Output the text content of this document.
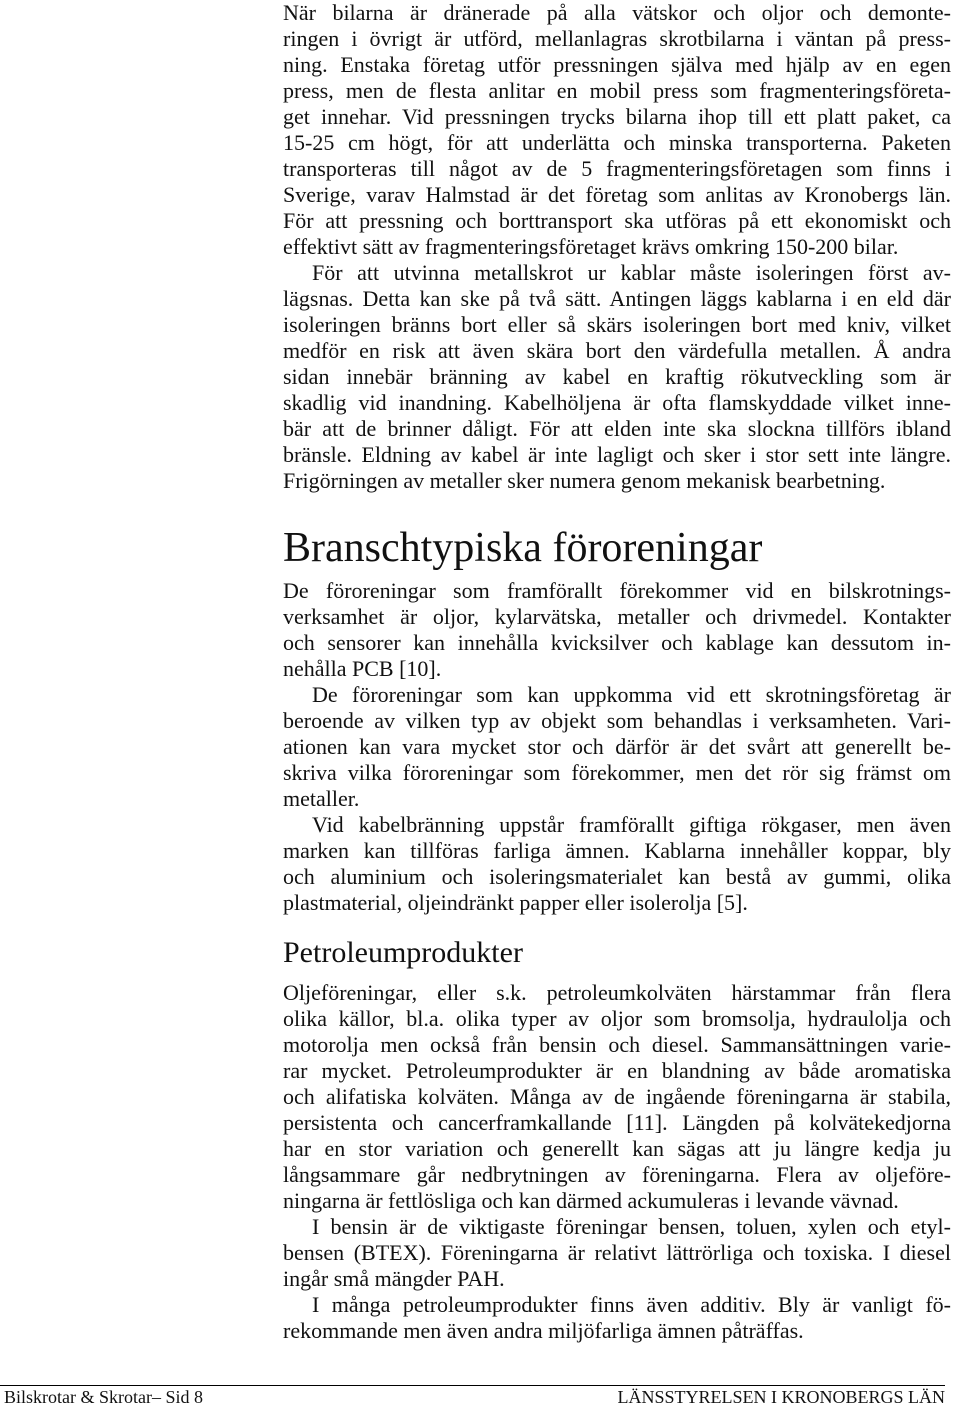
När bilarna är dränerade på alla vätskor och oljor och demonte-
ringen i övrigt är utförd, mellanlagras skrotbilarna i väntan på press-
ning. Enstaka företag utför pressningen själva med hjälp av en egen
press, men de flesta anlitar en mobil press som fragmenteringsföreta-
get innehar. Vid pressningen trycks bilarna ihop till ett platt paket, ca
15-25 cm högt, för att underlätta och minska transporterna. Paketen
transporteras till något av de 5 fragmenteringsföretagen som finns i
Sverige, varav Halmstad är det företag som anlitas av Kronobergs län.
För att pressning och borttransport ska utföras på ett ekonomiskt och
effektivt sätt av fragmenteringsföretaget krävs omkring 150-200 bilar.
För att utvinna metallskrot ur kablar måste isoleringen först av-
lägsnas. Detta kan ske på två sätt. Antingen läggs kablarna i en eld där
isoleringen bränns bort eller så skärs isoleringen bort med kniv, vilket
medför en risk att även skära bort den värdefulla metallen. Å andra
sidan innebär bränning av kabel en kraftig rökutveckling som är
skadlig vid inandning. Kabelhöljena är ofta flamskyddade vilket inne-
bär att de brinner dåligt. För att elden inte ska slockna tillförs ibland
bränsle. Eldning av kabel är inte lagligt och sker i stor sett inte längre.
Frigörningen av metaller sker numera genom mekanisk bearbetning.
Branschtypiska föroreningar
De föroreningar som framförallt förekommer vid en bilskrotnings-
verksamhet är oljor, kylarvätska, metaller och drivmedel. Kontakter
och sensorer kan innehålla kvicksilver och kablage kan dessutom in-
nehålla PCB [10].
De föroreningar som kan uppkomma vid ett skrotningsföretag är
beroende av vilken typ av objekt som behandlas i verksamheten. Vari-
ationen kan vara mycket stor och därför är det svårt att generellt be-
skriva vilka föroreningar som förekommer, men det rör sig främst om
metaller.
Vid kabelbränning uppstår framförallt giftiga rökgaser, men även
marken kan tillföras farliga ämnen. Kablarna innehåller koppar, bly
och aluminium och isoleringsmaterialet kan bestå av gummi, olika
plastmaterial, oljeindränkt papper eller isolerolja [5].
Petroleumprodukter
Oljeföreningar, eller s.k. petroleumkolväten härstammar från flera
olika källor, bl.a. olika typer av oljor som bromsolja, hydraulolja och
motorolja men också från bensin och diesel. Sammansättningen varie-
rar mycket. Petroleumprodukter är en blandning av både aromatiska
och alifatiska kolväten. Många av de ingående föreningarna är stabila,
persistenta och cancerframkallande [11]. Längden på kolvätekedjorna
har en stor variation och generellt kan sägas att ju längre kedja ju
långsammare går nedbrytningen av föreningarna. Flera av oljeföre-
ningarna är fettlösliga och kan därmed ackumuleras i levande vävnad.
I bensin är de viktigaste föreningar bensen, toluen, xylen och etyl-
bensen (BTEX). Föreningarna är relativt lättrörliga och toxiska. I diesel
ingår små mängder PAH.
I många petroleumprodukter finns även additiv. Bly är vanligt fö-
rekommande men även andra miljöfarliga ämnen påträffas.
Bilskrotar & Skrotar– Sid 8	LÄNSSTYRELSEN I KRONOBERGS LÄN
